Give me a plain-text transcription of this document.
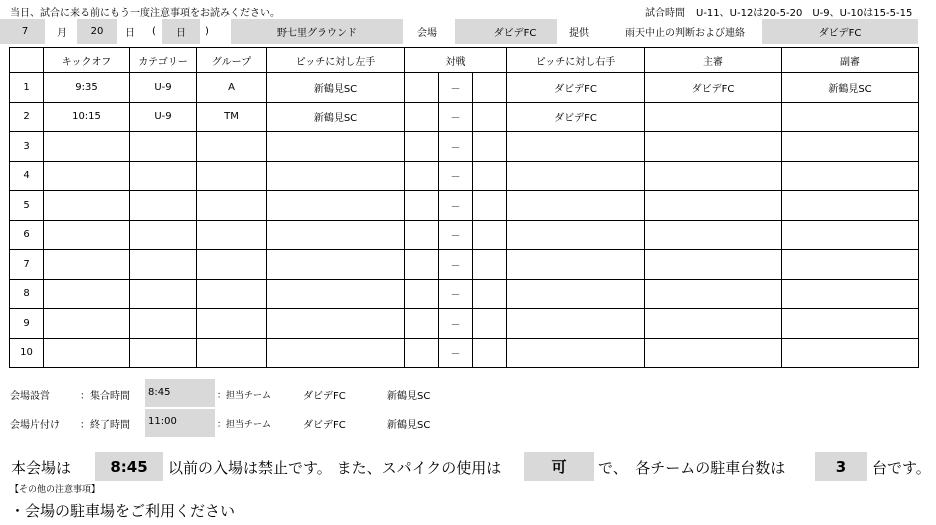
当日、試合に来る前にもう一度注意事項をお読みください。	試合時間 U-11、U-12は20-5-20　U-9、U-10は15-5-15
7	月	20	日	(	日	)	野七里グラウンド	会場	ダビデFC	提供	雨天中止の判断および連絡	ダビデFC
	キックオフ	カテゴリー	グループ	ピッチに対し左手	対戦			ピッチに対し右手	主審	副審
1	9:35	U-9	A	新鶴見SC		－		ダビデFC	ダビデFC	新鶴見SC
2	10:15	U-9	TM	新鶴見SC		－		ダビデFC		
3						－				
4						－				
5						－				
6						－				
7						－				
8						－				
9						－				
10						－				
会場設営	：集合時間 8:45	：担当チーム	ダビデFC	新鶴見SC
会場片付け ：終了時間 11:00	：担当チーム	ダビデFC	新鶴見SC
本会場は	8:45	以前の入場は禁止です。 また、スパイクの使用は	可	で、　各チームの駐車台数は	3	台です。
【その他の注意事項】
・会場の駐車場をご利用ください
